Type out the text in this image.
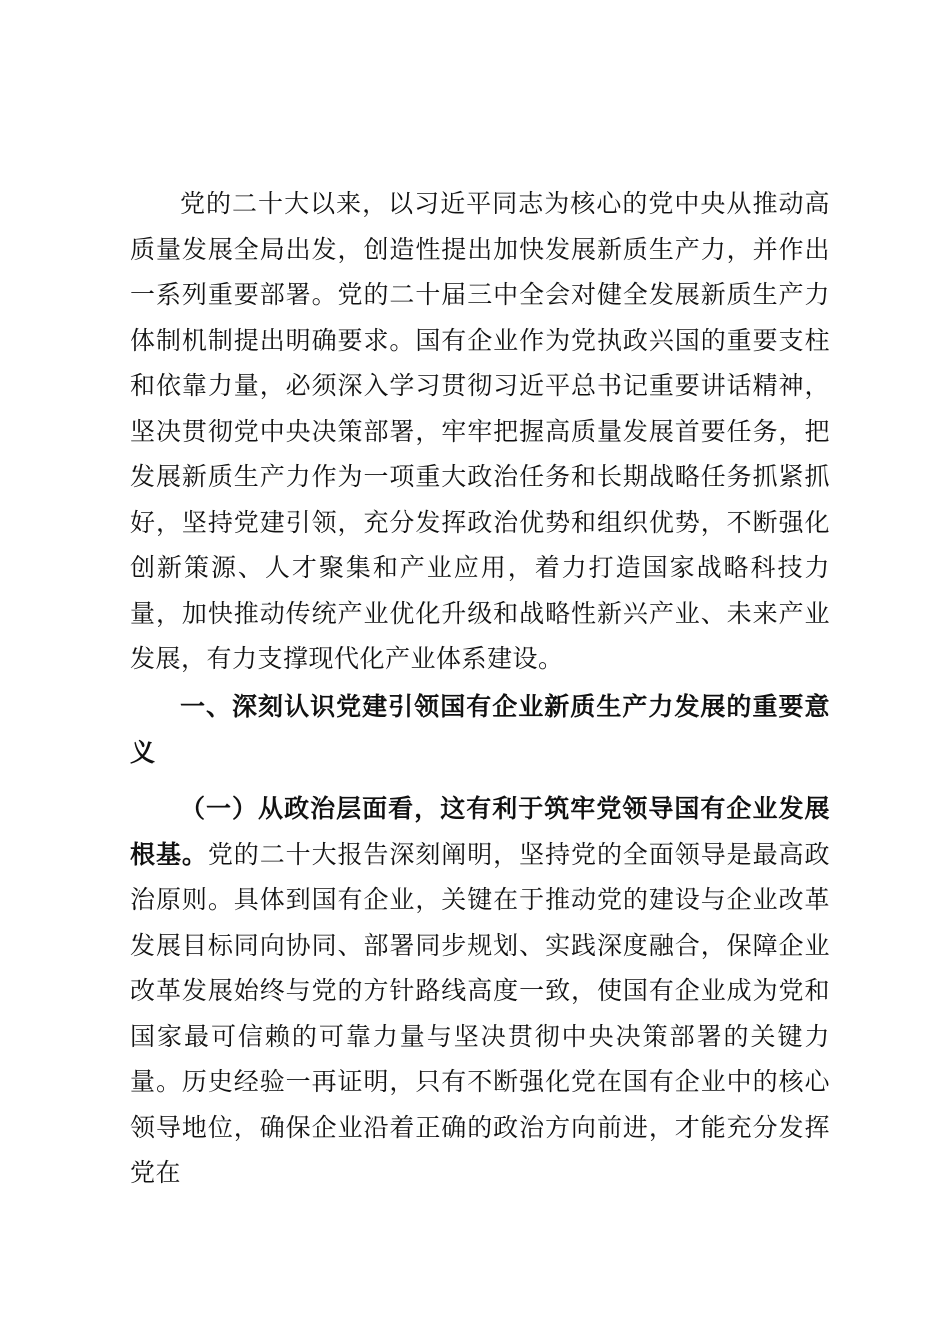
党的二十大以来，以习近平同志为核心的党中央从推动高质量发展全局出发，创造性提出加快发展新质生产力，并作出一系列重要部署。党的二十届三中全会对健全发展新质生产力体制机制提出明确要求。国有企业作为党执政兴国的重要支柱和依靠力量，必须深入学习贯彻习近平总书记重要讲话精神，坚决贯彻党中央决策部署，牢牢把握高质量发展首要任务，把发展新质生产力作为一项重大政治任务和长期战略任务抓紧抓好，坚持党建引领，充分发挥政治优势和组织优势，不断强化创新策源、人才聚集和产业应用，着力打造国家战略科技力量，加快推动传统产业优化升级和战略性新兴产业、未来产业发展，有力支撑现代化产业体系建设。

一、深刻认识党建引领国有企业新质生产力发展的重要意义

（一）从政治层面看，这有利于筑牢党领导国有企业发展根基。党的二十大报告深刻阐明，坚持党的全面领导是最高政治原则。具体到国有企业，关键在于推动党的建设与企业改革发展目标同向协同、部署同步规划、实践深度融合，保障企业改革发展始终与党的方针路线高度一致，使国有企业成为党和国家最可信赖的可靠力量与坚决贯彻中央决策部署的关键力量。历史经验一再证明，只有不断强化党在国有企业中的核心领导地位，确保企业沿着正确的政治方向前进，才能充分发挥党在
